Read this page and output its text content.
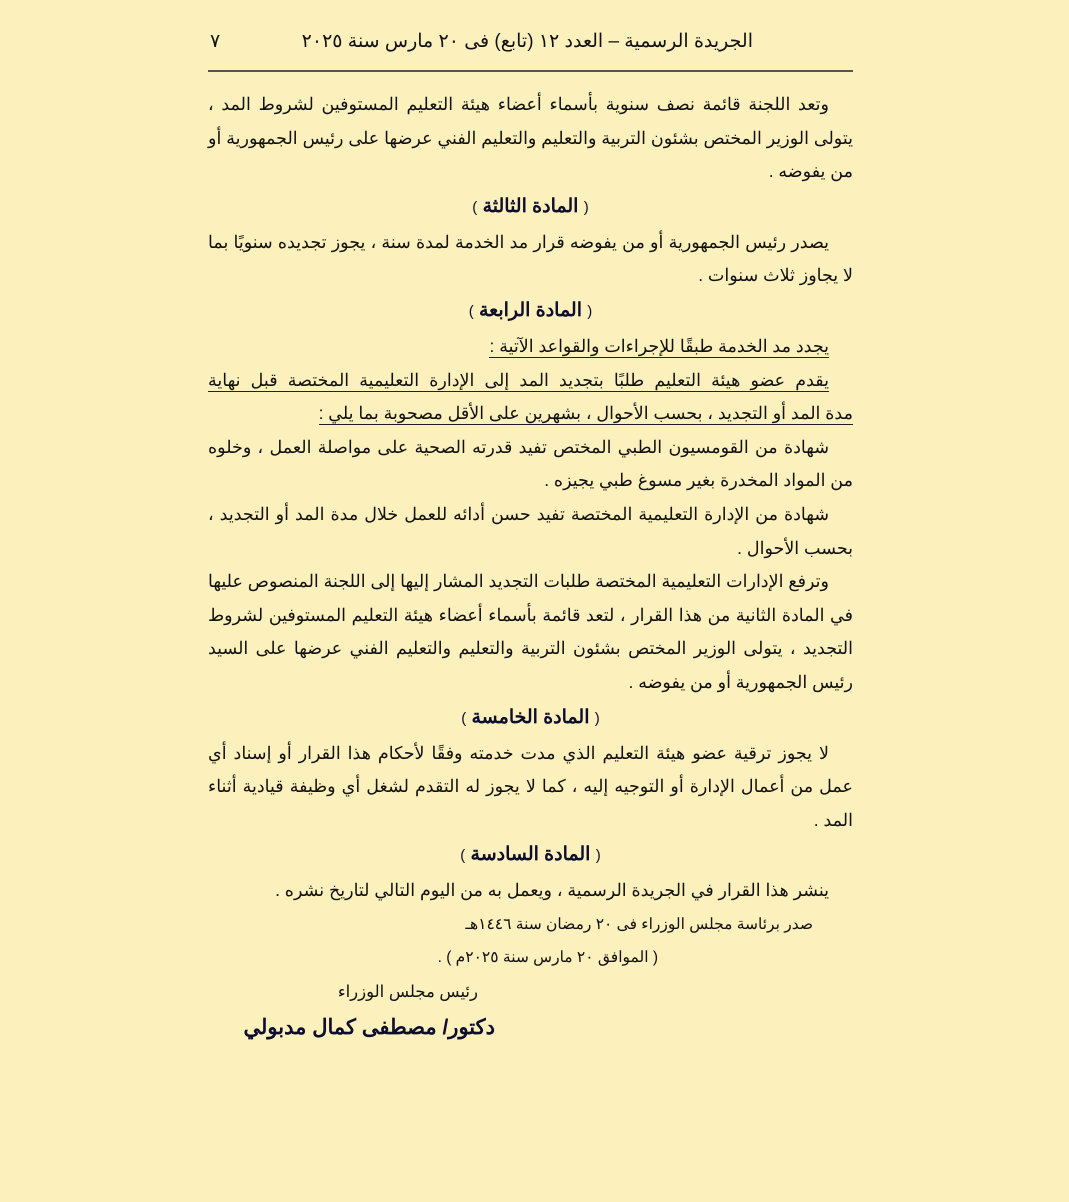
الجريدة الرسمية – العدد ١٢ (تابع) فى ٢٠ مارس سنة ٢٠٢٥
٧

وتعد اللجنة قائمة نصف سنوية بأسماء أعضاء هيئة التعليم المستوفين لشروط المد ، يتولى الوزير المختص بشئون التربية والتعليم والتعليم الفني عرضها على رئيس الجمهورية أو من يفوضه .

( المادة الثالثة )

يصدر رئيس الجمهورية أو من يفوضه قرار مد الخدمة لمدة سنة ، يجوز تجديده سنويًا بما لا يجاوز ثلاث سنوات .

( المادة الرابعة )

يجدد مد الخدمة طبقًا للإجراءات والقواعد الآتية :

يقدم عضو هيئة التعليم طلبًا بتجديد المد إلى الإدارة التعليمية المختصة قبل نهاية

مدة المد أو التجديد ، بحسب الأحوال ، بشهرين على الأقل مصحوبة بما يلي :

شهادة من القومسيون الطبي المختص تفيد قدرته الصحية على مواصلة العمل ، وخلوه من المواد المخدرة بغير مسوغ طبي يجيزه .

شهادة من الإدارة التعليمية المختصة تفيد حسن أدائه للعمل خلال مدة المد أو التجديد ، بحسب الأحوال .

وترفع الإدارات التعليمية المختصة طلبات التجديد المشار إليها إلى اللجنة المنصوص عليها في المادة الثانية من هذا القرار ، لتعد قائمة بأسماء أعضاء هيئة التعليم المستوفين لشروط التجديد ، يتولى الوزير المختص بشئون التربية والتعليم والتعليم الفني عرضها على السيد رئيس الجمهورية أو من يفوضه .

( المادة الخامسة )

لا يجوز ترقية عضو هيئة التعليم الذي مدت خدمته وفقًا لأحكام هذا القرار أو إسناد أي عمل من أعمال الإدارة أو التوجيه إليه ، كما لا يجوز له التقدم لشغل أي وظيفة قيادية أثناء المد .

( المادة السادسة )

ينشر هذا القرار في الجريدة الرسمية ، ويعمل به من اليوم التالي لتاريخ نشره .

صدر برئاسة مجلس الوزراء فى ٢٠ رمضان سنة ١٤٤٦هـ

( الموافق ٢٠ مارس سنة ٢٠٢٥م ) .

رئيس مجلس الوزراء

دكتور/ مصطفى كمال مدبولي
